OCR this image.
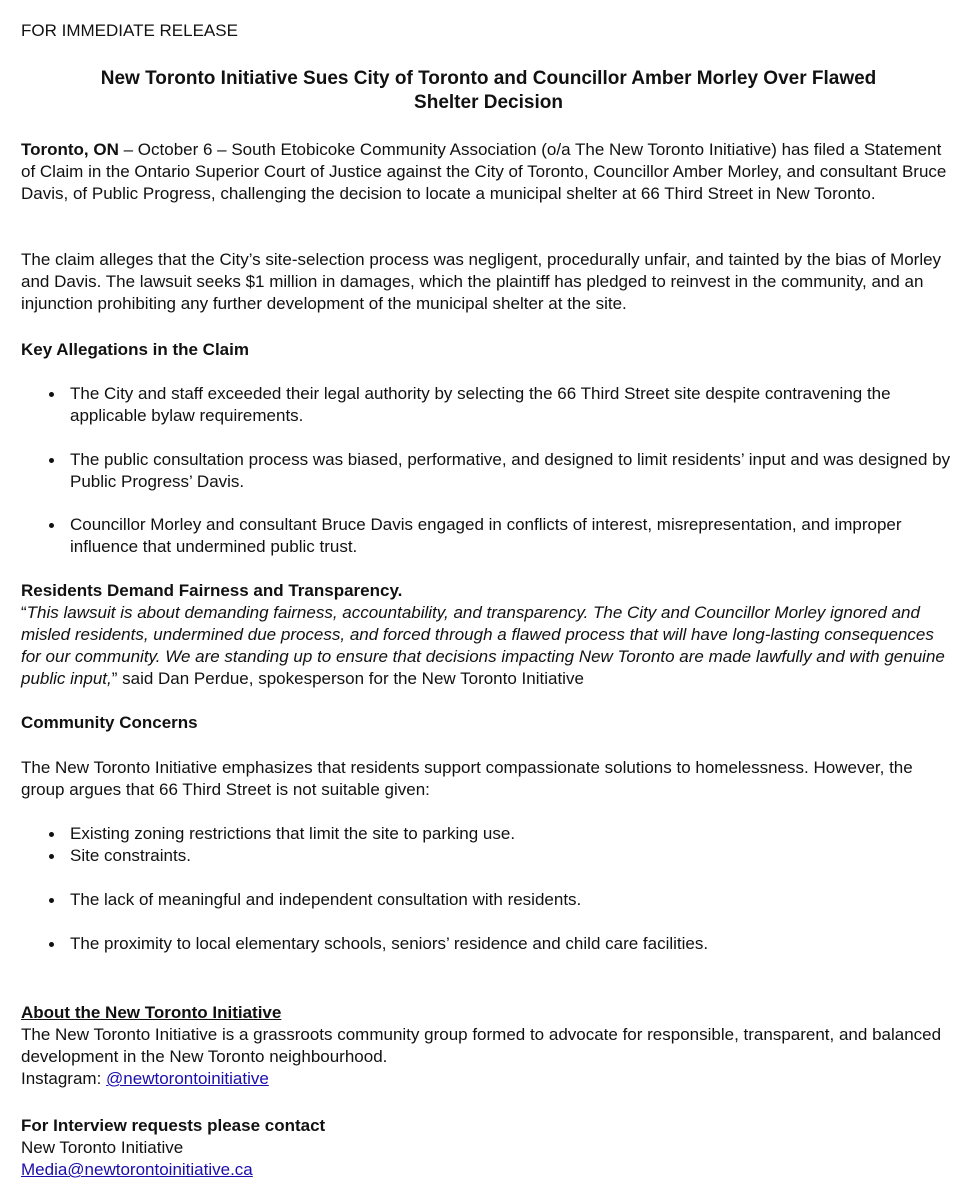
FOR IMMEDIATE RELEASE
New Toronto Initiative Sues City of Toronto and Councillor Amber Morley Over Flawed
Shelter Decision

Toronto, ON – October 6 – South Etobicoke Community Association (o/a The New Toronto Initiative) has filed a Statement of Claim in the Ontario Superior Court of Justice against the City of Toronto, Councillor Amber Morley, and consultant Bruce Davis, of Public Progress, challenging the decision to locate a municipal shelter at 66 Third Street in New Toronto.

The claim alleges that the City’s site-selection process was negligent, procedurally unfair, and tainted by the bias of Morley and Davis. The lawsuit seeks $1 million in damages, which the plaintiff has pledged to reinvest in the community, and an injunction prohibiting any further development of the municipal shelter at the site.

Key Allegations in the Claim
The City and staff exceeded their legal authority by selecting the 66 Third Street site despite contravening the applicable bylaw requirements.
The public consultation process was biased, performative, and designed to limit residents’ input and was designed by Public Progress’ Davis.
Councillor Morley and consultant Bruce Davis engaged in conflicts of interest, misrepresentation, and improper influence that undermined public trust.
Residents Demand Fairness and Transparency.

“This lawsuit is about demanding fairness, accountability, and transparency. The City and Councillor Morley ignored and misled residents, undermined due process, and forced through a flawed process that will have long-lasting consequences for our community. We are standing up to ensure that decisions impacting New Toronto are made lawfully and with genuine public input,” said Dan Perdue, spokesperson for the New Toronto Initiative

Community Concerns
The New Toronto Initiative emphasizes that residents support compassionate solutions to homelessness. However, the group argues that 66 Third Street is not suitable given:
Existing zoning restrictions that limit the site to parking use.
Site constraints.
The lack of meaningful and independent consultation with residents.
The proximity to local elementary schools, seniors’ residence and child care facilities.
About the New Toronto Initiative
The New Toronto Initiative is a grassroots community group formed to advocate for responsible, transparent, and balanced development in the New Toronto neighbourhood.
Instagram: @newtorontoinitiative
For Interview requests please contact
New Toronto Initiative
Media@newtorontoinitiative.ca
